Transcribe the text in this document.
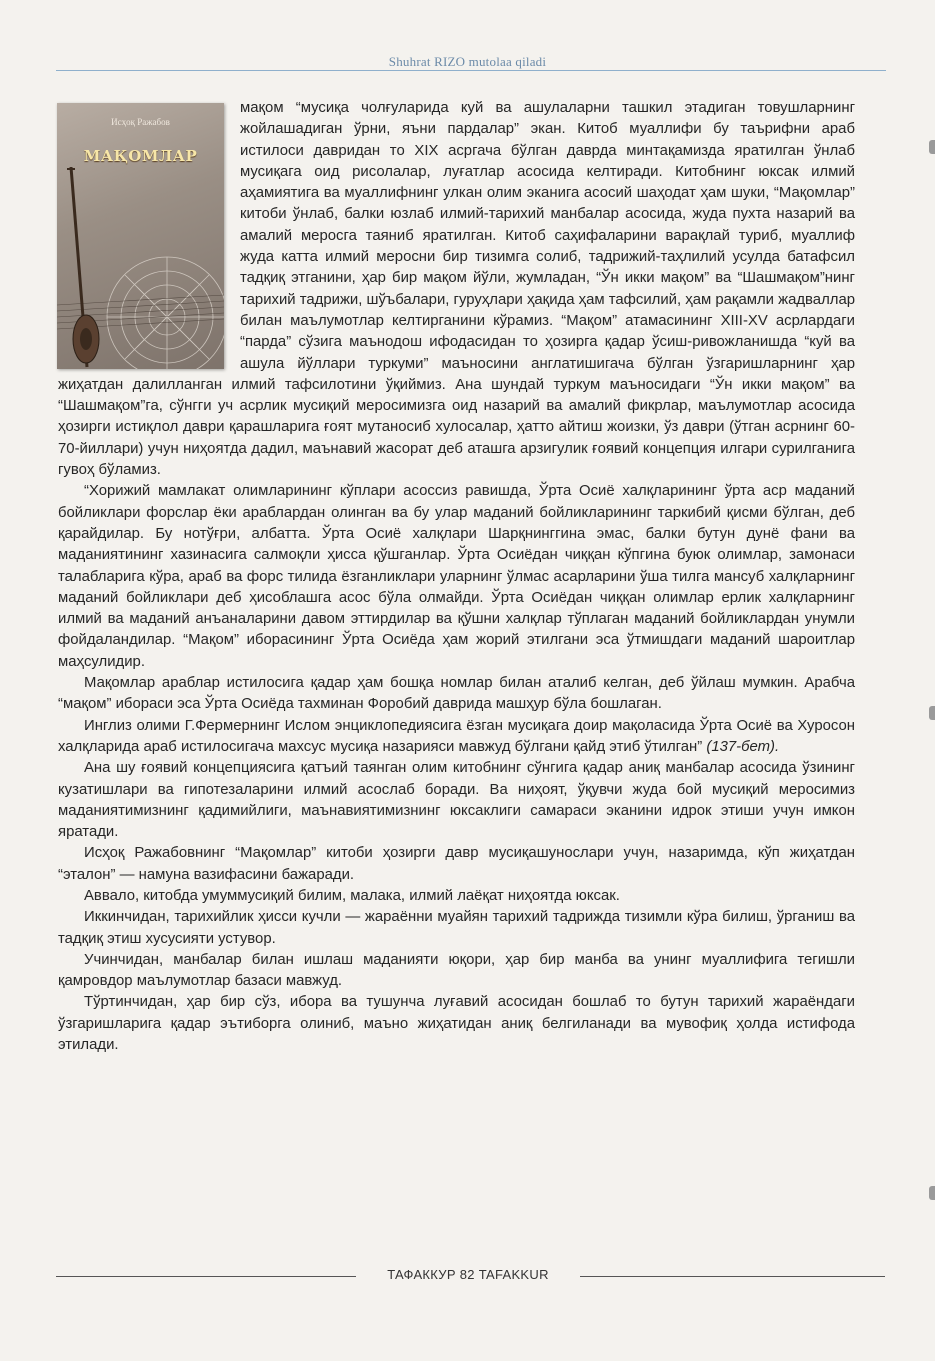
Shuhrat RIZO mutolaa qiladi

мақом “мусиқа чолғуларида куй ва ашулаларни ташкил этадиган товушларнинг жойлашадиган ўрни, яъни пардалар” экан. Китоб муаллифи бу таърифни араб истилоси давридан то XIX асргача бўлган даврда минтақамизда яратилган ўнлаб мусиқага оид рисолалар, луғатлар асосида келтиради. Китобнинг юксак илмий аҳамиятига ва муаллифнинг улкан олим эканига асосий шаҳодат ҳам шуки, “Мақомлар” китоби ўнлаб, балки юзлаб илмий-тарихий манбалар асосида, жуда пухта назарий ва амалий меросга таяниб яратилган. Китоб саҳифаларини варақлай туриб, муаллиф жуда катта илмий меросни бир тизимга солиб, тадрижий-таҳлилий усулда батафсил тадқиқ этганини, ҳар бир мақом йўли, жумладан, “Ўн икки мақом” ва “Шашмақом”нинг тарихий тадрижи, шўъбалари, гуруҳлари ҳақида ҳам тафсилий, ҳам рақамли жадваллар билан маълумотлар келтирганини кўрамиз. “Мақом” атамасининг XIII-XV асрлардаги “парда” сўзига маънодош ифодасидан то ҳозирга қадар ўсиш-ривожланишда “куй ва ашула йўллари туркуми” маъносини англатишигача бўлган ўзгаришларнинг ҳар жиҳатдан далилланган илмий тафсилотини ўқиймиз. Ана шундай туркум маъносидаги “Ўн икки мақом” ва “Шашмақом”га, сўнгги уч асрлик мусиқий меросимизга оид назарий ва амалий фикрлар, маълумотлар асосида ҳозирги истиқлол даври қарашларига ғоят мутаносиб хулосалар, ҳатто айтиш жоизки, ўз даври (ўтган асрнинг 60-70-йиллари) учун ниҳоятда дадил, маънавий жасорат деб аташга арзигулик ғоявий концепция илгари сурилганига гувоҳ бўламиз.

“Хорижий мамлакат олимларининг кўплари асоссиз равишда, Ўрта Осиё халқларининг ўрта аср маданий бойликлари форслар ёки араблардан олинган ва бу улар маданий бойликларининг таркибий қисми бўлган, деб қарайдилар. Бу нотўғри, албатта. Ўрта Осиё халқлари Шарқнинггина эмас, балки бутун дунё фани ва маданиятининг хазинасига салмоқли ҳисса қўшганлар. Ўрта Осиёдан чиққан кўпгина буюк олимлар, замонаси талабларига кўра, араб ва форс тилида ёзганликлари уларнинг ўлмас асарларини ўша тилга мансуб халқларнинг маданий бойликлари деб ҳисоблашга асос бўла олмайди. Ўрта Осиёдан чиққан олимлар ерлик халқларнинг илмий ва маданий анъаналарини давом эттирдилар ва қўшни халқлар тўплаган маданий бойликлардан унумли фойдаландилар. “Мақом” иборасининг Ўрта Осиёда ҳам жорий этилгани эса ўтмишдаги маданий шароитлар маҳсулидир.

Мақомлар араблар истилосига қадар ҳам бошқа номлар билан аталиб келган, деб ўйлаш мумкин. Арабча “мақом” ибораси эса Ўрта Осиёда тахминан Форобий даврида машҳур бўла бошлаган.

Инглиз олими Г.Фермернинг Ислом энциклопедиясига ёзган мусиқага доир мақоласида Ўрта Осиё ва Хуросон халқларида араб истилосигача махсус мусиқа назарияси мавжуд бўлгани қайд этиб ўтилган” (137-бет).

Ана шу ғоявий концепциясига қатъий таянган олим китобнинг сўнгига қадар аниқ манбалар асосида ўзининг кузатишлари ва гипотезаларини илмий асослаб боради. Ва ниҳоят, ўқувчи жуда бой мусиқий меросимиз маданиятимизнинг қадимийлиги, маънавиятимизнинг юксаклиги самараси эканини идрок этиши учун имкон яратади.

Исҳоқ Ражабовнинг “Мақомлар” китоби ҳозирги давр мусиқашунослари учун, назаримда, кўп жиҳатдан “эталон” — намуна вазифасини бажаради.

Аввало, китобда умуммусиқий билим, малака, илмий лаёқат ниҳоятда юксак.

Иккинчидан, тарихийлик ҳисси кучли — жараённи муайян тарихий тадрижда тизимли кўра билиш, ўрганиш ва тадқиқ этиш хусусияти устувор.

Учинчидан, манбалар билан ишлаш маданияти юқори, ҳар бир манба ва унинг муаллифига тегишли қамровдор маълумотлар базаси мавжуд.

Тўртинчидан, ҳар бир сўз, ибора ва тушунча луғавий асосидан бошлаб то бутун тарихий жараёндаги ўзгаришларига қадар эътиборга олиниб, маъно жиҳатидан аниқ белгиланади ва мувофиқ ҳолда истифода этилади.

Исҳоқ Ражабов
МАҚОМЛАР
ТАФАККУР 82 TAFAKKUR
